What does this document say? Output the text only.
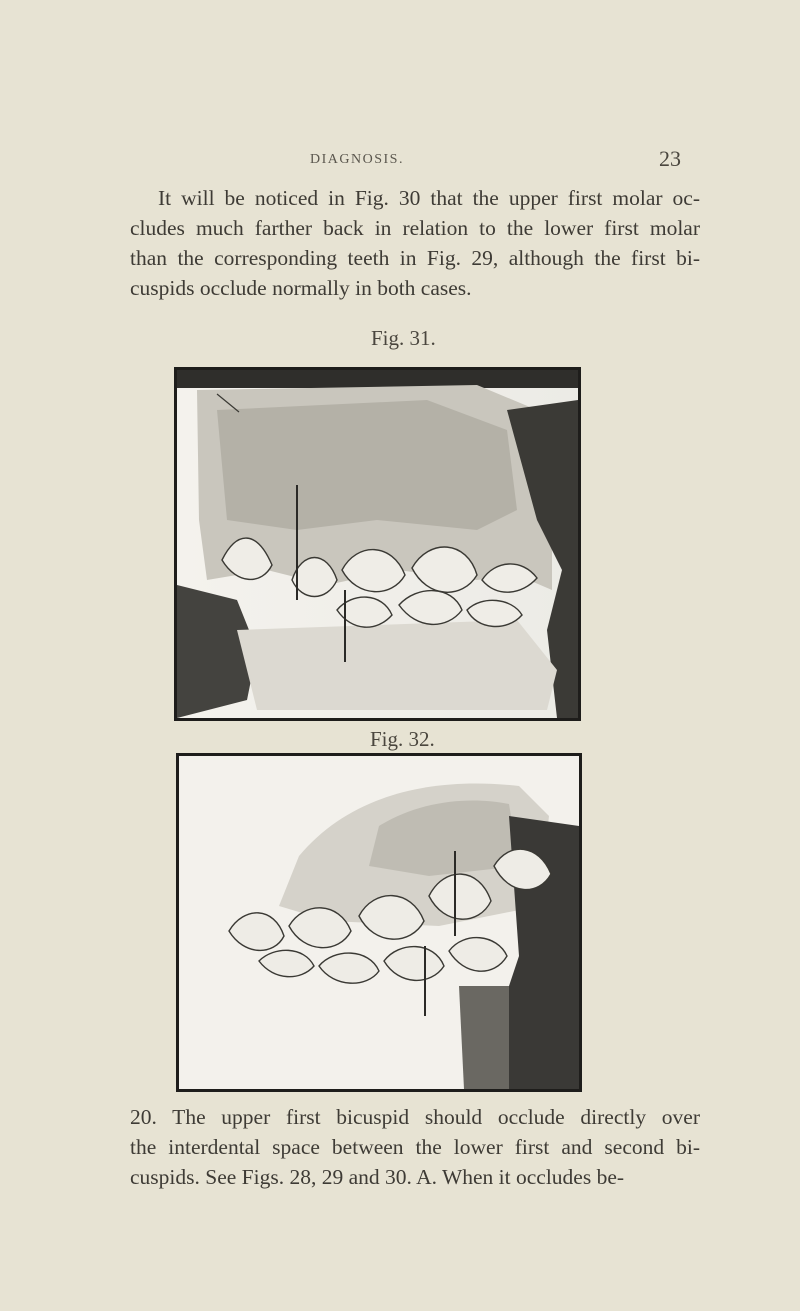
DIAGNOSIS.	23
It will be noticed in Fig. 30 that the upper first molar oc-
cludes much farther back in relation to the lower first molar
than the corresponding teeth in Fig. 29, although the first bi-
cuspids occlude normally in both cases.
Fig. 31.
Fig. 32.
20. The upper first bicuspid should occlude directly over
the interdental space between the lower first and second bi-
cuspids. See Figs. 28, 29 and 30. A. When it occludes be-
